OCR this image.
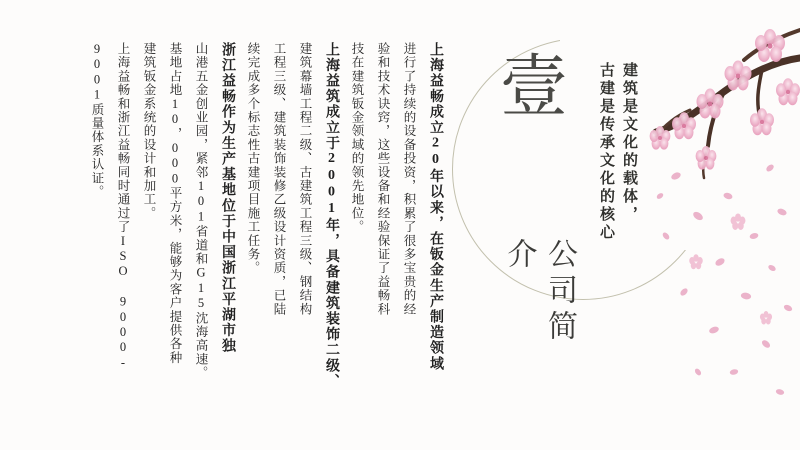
壹
公司简介
建筑是文化的载体，
古建是传承文化的核心
上海益畅成立20年以来，在钣金生产制造领域
进行了持续的设备投资，积累了很多宝贵的经
验和技术诀窍，这些设备和经验保证了益畅科
技在建筑钣金领域的领先地位。
上海益筑成立于2001年，具备建筑装饰二级、
建筑幕墙工程二级、古建筑工程三级、钢结构
工程三级、建筑装饰装修乙级设计资质，已陆
续完成多个标志性古建项目施工任务。
浙江益畅作为生产基地位于中国浙江平湖市独
山港五金创业园，紧邻101省道和G15沈海高速。
基地占地10，000平方米，能够为客户提供各种
建筑钣金系统的设计和加工。
上海益畅和浙江益畅同时通过了ISO 9000-
9001质量体系认证。
